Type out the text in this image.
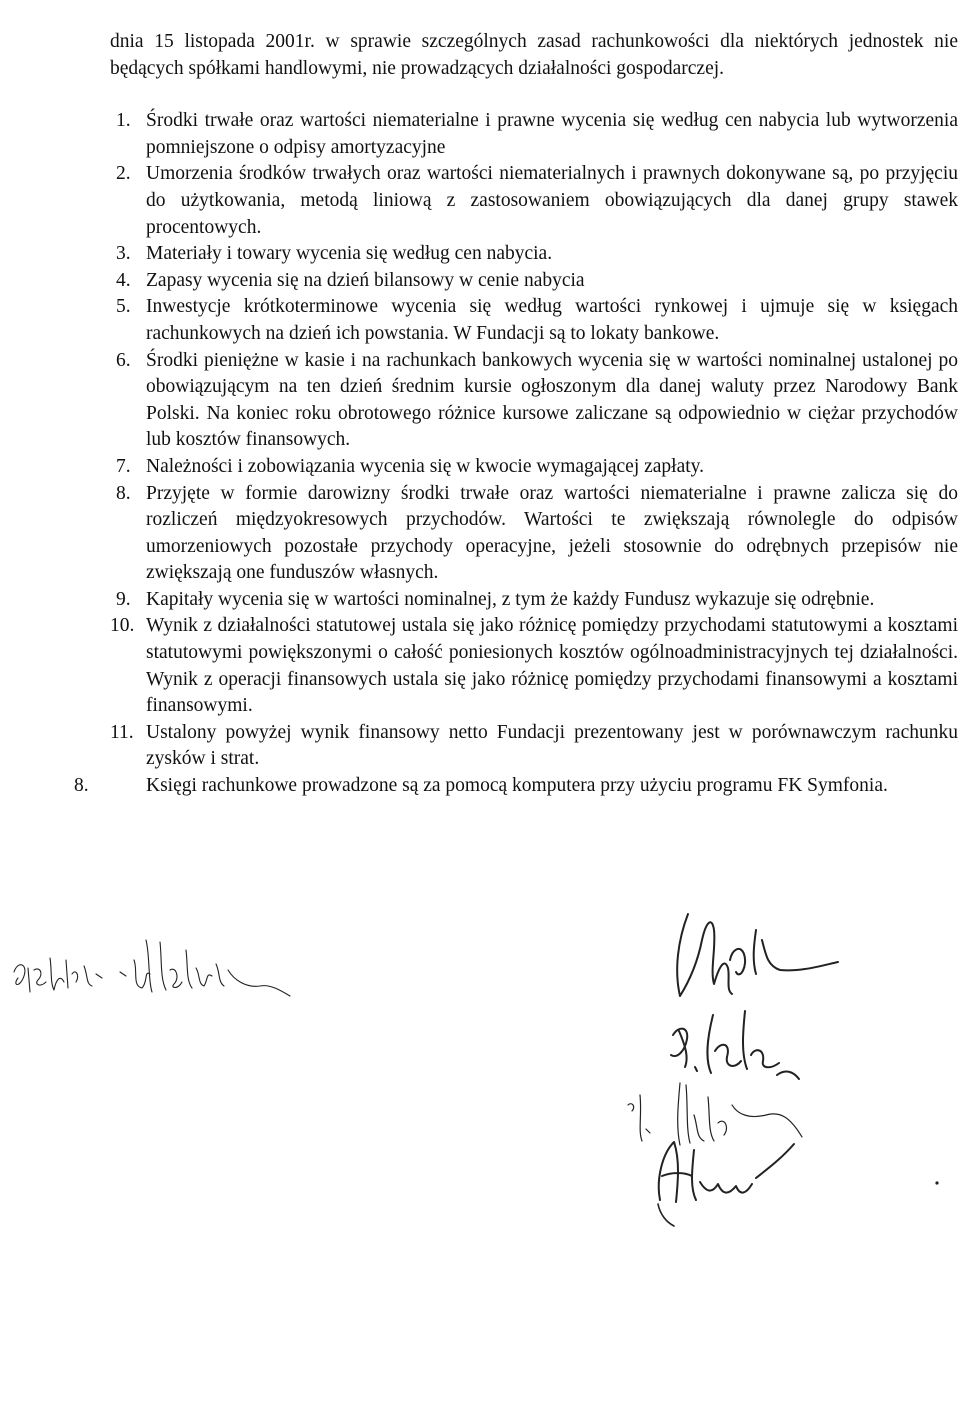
dnia 15 listopada 2001r. w sprawie szczególnych zasad rachunkowości dla niektórych jednostek nie będących spółkami handlowymi, nie prowadzących działalności gospodarczej.

1. Środki trwałe oraz wartości niematerialne i prawne wycenia się według cen nabycia lub wytworzenia pomniejszone o odpisy amortyzacyjne
2. Umorzenia środków trwałych oraz wartości niematerialnych i prawnych dokonywane są, po przyjęciu do użytkowania, metodą liniową z zastosowaniem obowiązujących dla danej grupy stawek procentowych.
3. Materiały i towary wycenia się według cen nabycia.
4. Zapasy wycenia się na dzień bilansowy w cenie nabycia
5. Inwestycje krótkoterminowe wycenia się według wartości rynkowej i ujmuje się w księgach rachunkowych na dzień ich powstania. W Fundacji są to lokaty bankowe.
6. Środki pieniężne w kasie i na rachunkach bankowych wycenia się w wartości nominalnej ustalonej po obowiązującym na ten dzień średnim kursie ogłoszonym dla danej waluty przez Narodowy Bank Polski. Na koniec roku obrotowego różnice kursowe zaliczane są odpowiednio w ciężar przychodów lub kosztów finansowych.
7. Należności i zobowiązania wycenia się w kwocie wymagającej zapłaty.
8. Przyjęte w formie darowizny środki trwałe oraz wartości niematerialne i prawne zalicza się do rozliczeń międzyokresowych przychodów. Wartości te zwiększają równolegle do odpisów umorzeniowych pozostałe przychody operacyjne, jeżeli stosownie do odrębnych przepisów nie zwiększają one funduszów własnych.
9. Kapitały wycenia się w wartości nominalnej, z tym że każdy Fundusz wykazuje się odrębnie.
10. Wynik z działalności statutowej ustala się jako różnicę pomiędzy przychodami statutowymi a kosztami statutowymi powiększonymi o całość poniesionych kosztów ogólnoadministracyjnych tej działalności. Wynik z operacji finansowych ustala się jako różnicę pomiędzy przychodami finansowymi a kosztami finansowymi.
11. Ustalony powyżej wynik finansowy netto Fundacji prezentowany jest w porównawczym rachunku zysków i strat.

8.	Księgi rachunkowe prowadzone są za pomocą komputera przy użyciu programu FK Symfonia.
